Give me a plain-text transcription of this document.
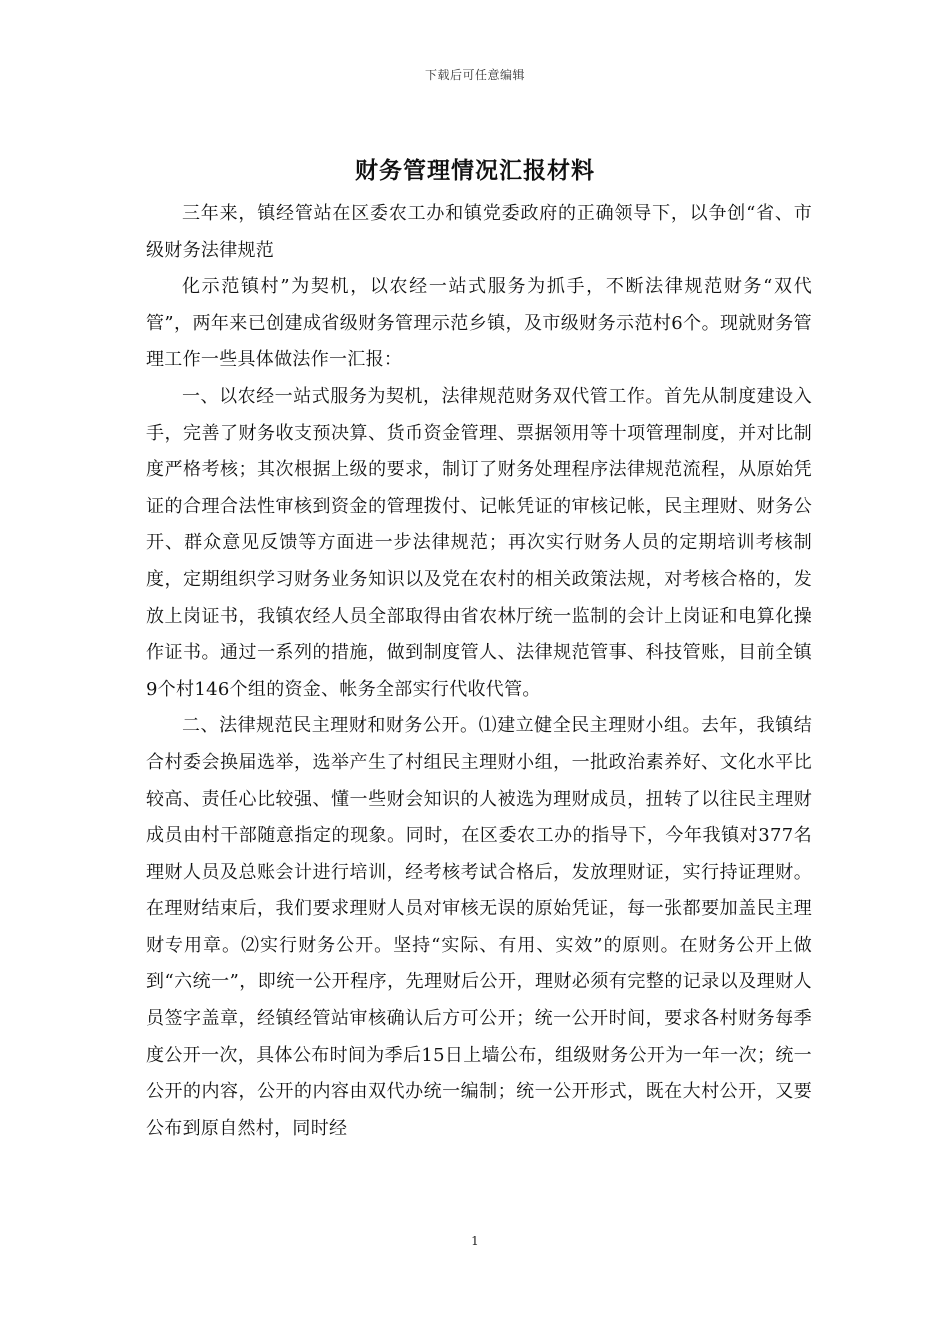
下载后可任意编辑
财务管理情况汇报材料

三年来，镇经管站在区委农工办和镇党委政府的正确领导下，以争创“省、市级财务法律规范

化示范镇村”为契机，以农经一站式服务为抓手，不断法律规范财务“双代管”，两年来已创建成省级财务管理示范乡镇，及市级财务示范村6个。现就财务管理工作一些具体做法作一汇报：

一、以农经一站式服务为契机，法律规范财务双代管工作。首先从制度建设入手，完善了财务收支预决算、货币资金管理、票据领用等十项管理制度，并对比制度严格考核；其次根据上级的要求，制订了财务处理程序法律规范流程，从原始凭证的合理合法性审核到资金的管理拨付、记帐凭证的审核记帐，民主理财、财务公开、群众意见反馈等方面进一步法律规范；再次实行财务人员的定期培训考核制度，定期组织学习财务业务知识以及党在农村的相关政策法规，对考核合格的，发放上岗证书，我镇农经人员全部取得由省农林厅统一监制的会计上岗证和电算化操作证书。通过一系列的措施，做到制度管人、法律规范管事、科技管账，目前全镇9个村146个组的资金、帐务全部实行代收代管。

二、法律规范民主理财和财务公开。⑴建立健全民主理财小组。去年，我镇结合村委会换届选举，选举产生了村组民主理财小组，一批政治素养好、文化水平比较高、责任心比较强、懂一些财会知识的人被选为理财成员，扭转了以往民主理财成员由村干部随意指定的现象。同时，在区委农工办的指导下，今年我镇对377名理财人员及总账会计进行培训，经考核考试合格后，发放理财证，实行持证理财。在理财结束后，我们要求理财人员对审核无误的原始凭证，每一张都要加盖民主理财专用章。⑵实行财务公开。坚持“实际、有用、实效”的原则。在财务公开上做到“六统一”，即统一公开程序，先理财后公开，理财必须有完整的记录以及理财人员签字盖章，经镇经管站审核确认后方可公开；统一公开时间，要求各村财务每季度公开一次，具体公布时间为季后15日上墙公布，组级财务公开为一年一次；统一公开的内容，公开的内容由双代办统一编制；统一公开形式，既在大村公开，又要公布到原自然村，同时经

1
